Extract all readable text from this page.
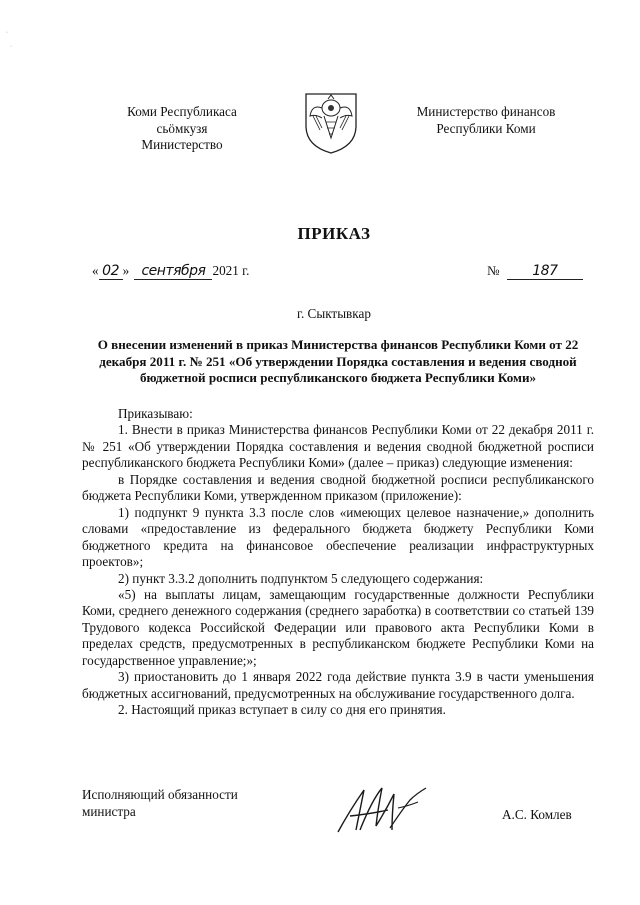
·
·
Коми Республикаса
сьӧмкузя
Министерство
Министерство финансов
Республики Коми
ПРИКАЗ
« 02 » сентября 2021 г.	№ 187
г. Сыктывкар
О внесении изменений в приказ Министерства финансов Республики Коми от 22 декабря 2011 г. № 251 «Об утверждении Порядка составления и ведения сводной бюджетной росписи республиканского бюджета Республики Коми»

Приказываю:

1. Внести в приказ Министерства финансов Республики Коми от 22 декабря 2011 г. № 251 «Об утверждении Порядка составления и ведения сводной бюджетной росписи республиканского бюджета Республики Коми» (далее – приказ) следующие изменения:

в Порядке составления и ведения сводной бюджетной росписи республиканского бюджета Республики Коми, утвержденном приказом (приложение):

1) подпункт 9 пункта 3.3 после слов «имеющих целевое назначение,» дополнить словами «предоставление из федерального бюджета бюджету Республики Коми бюджетного кредита на финансовое обеспечение реализации инфраструктурных проектов»;

2) пункт 3.3.2 дополнить подпунктом 5 следующего содержания:

«5) на выплаты лицам, замещающим государственные должности Республики Коми, среднего денежного содержания (среднего заработка) в соответствии со статьей 139 Трудового кодекса Российской Федерации или правового акта Республики Коми в пределах средств, предусмотренных в республиканском бюджете Республики Коми на государственное управление;»;

3) приостановить до 1 января 2022 года действие пункта 3.9 в части уменьшения бюджетных ассигнований, предусмотренных на обслуживание государственного долга.

2. Настоящий приказ вступает в силу со дня его принятия.

Исполняющий обязанности
министра	А.С. Комлев
